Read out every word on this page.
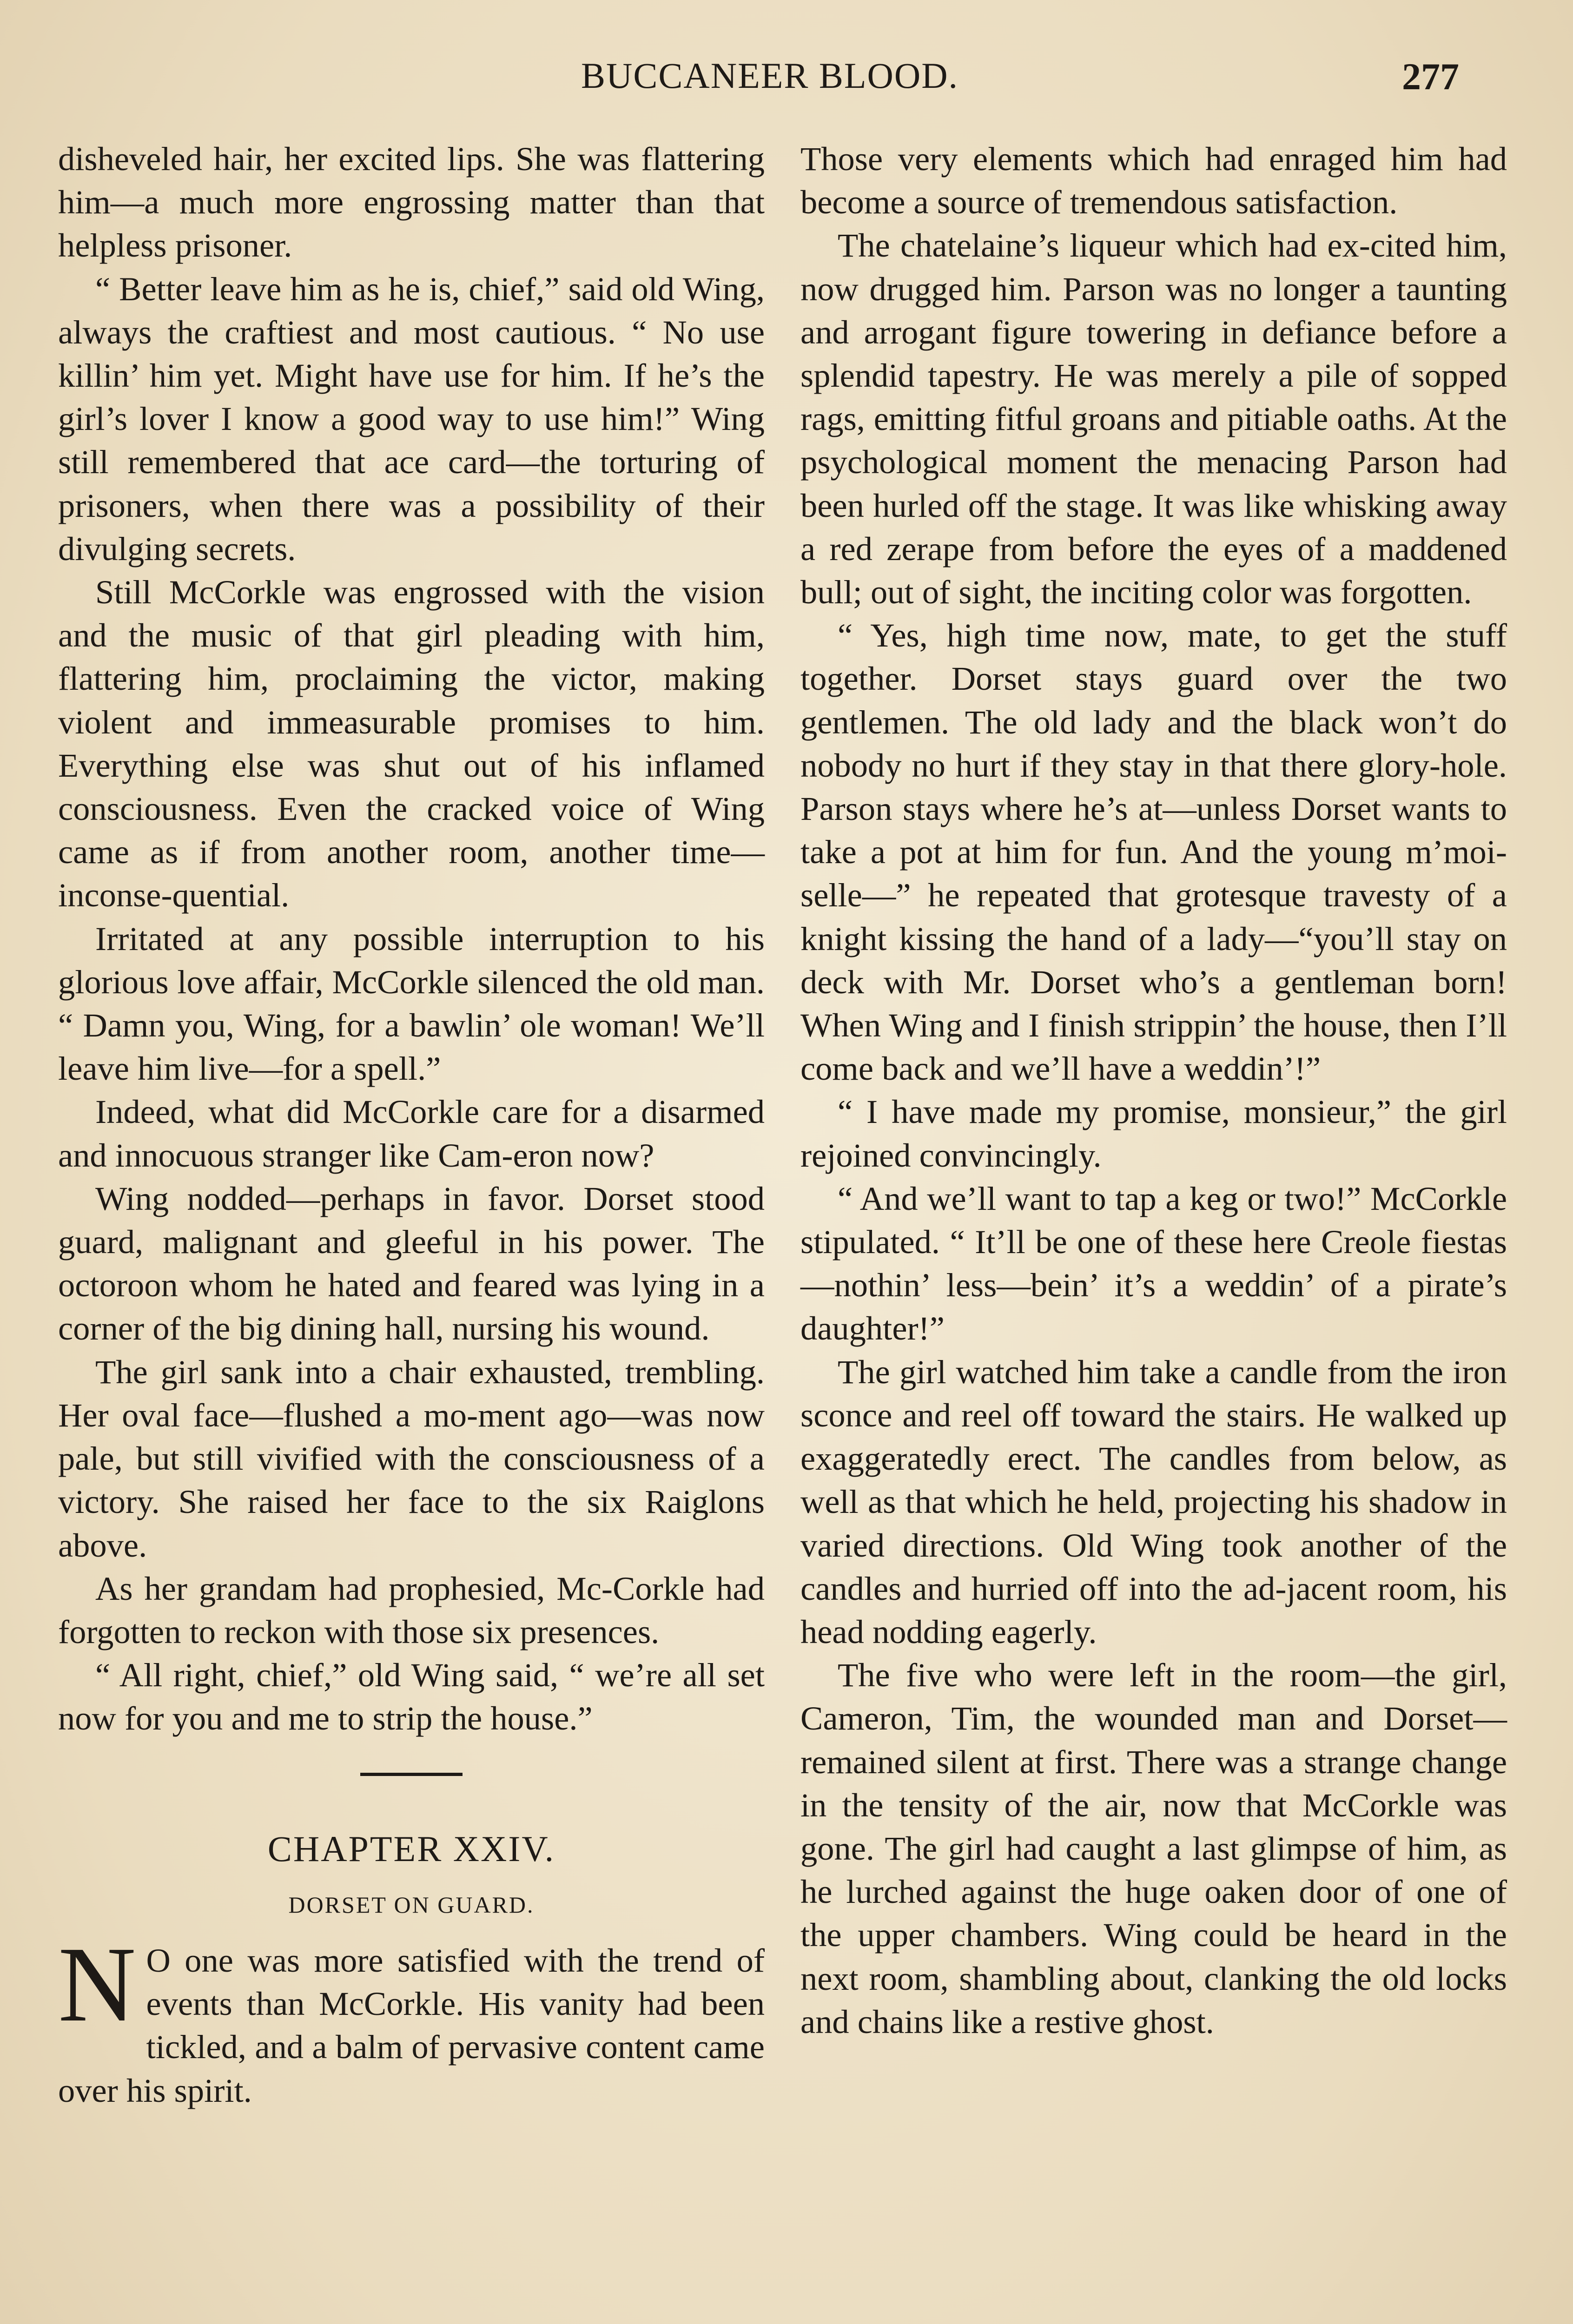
BUCCANEER BLOOD.	277

disheveled hair, her excited lips. She was flattering him—a much more engrossing matter than that helpless prisoner.

“ Better leave him as he is, chief,” said old Wing, always the craftiest and most cautious. “ No use killin’ him yet. Might have use for him. If he’s the girl’s lover I know a good way to use him!” Wing still remembered that ace card—the torturing of prisoners, when there was a possibility of their divulging secrets.

Still McCorkle was engrossed with the vision and the music of that girl pleading with him, flattering him, proclaiming the victor, making violent and immeasurable promises to him. Everything else was shut out of his inflamed consciousness. Even the cracked voice of Wing came as if from another room, another time—inconse-quential.

Irritated at any possible interruption to his glorious love affair, McCorkle silenced the old man. “ Damn you, Wing, for a bawlin’ ole woman! We’ll leave him live—for a spell.”

Indeed, what did McCorkle care for a disarmed and innocuous stranger like Cam-eron now?

Wing nodded—perhaps in favor. Dorset stood guard, malignant and gleeful in his power. The octoroon whom he hated and feared was lying in a corner of the big dining hall, nursing his wound.

The girl sank into a chair exhausted, trembling. Her oval face—flushed a mo-ment ago—was now pale, but still vivified with the consciousness of a victory. She raised her face to the six Raiglons above.

As her grandam had prophesied, Mc-Corkle had forgotten to reckon with those six presences.

“ All right, chief,” old Wing said, “ we’re all set now for you and me to strip the house.”

CHAPTER XXIV.
DORSET ON GUARD.

N O one was more satisfied with the trend of events than McCorkle. His vanity had been tickled, and a balm of pervasive content came over his spirit.

Those very elements which had enraged him had become a source of tremendous satisfaction.

The chatelaine’s liqueur which had ex-cited him, now drugged him. Parson was no longer a taunting and arrogant figure towering in defiance before a splendid tapestry. He was merely a pile of sopped rags, emitting fitful groans and pitiable oaths. At the psychological moment the menacing Parson had been hurled off the stage. It was like whisking away a red zerape from before the eyes of a maddened bull; out of sight, the inciting color was forgotten.

“ Yes, high time now, mate, to get the stuff together. Dorset stays guard over the two gentlemen. The old lady and the black won’t do nobody no hurt if they stay in that there glory-hole. Parson stays where he’s at—unless Dorset wants to take a pot at him for fun. And the young m’moi-selle—” he repeated that grotesque travesty of a knight kissing the hand of a lady—“you’ll stay on deck with Mr. Dorset who’s a gentleman born! When Wing and I finish strippin’ the house, then I’ll come back and we’ll have a weddin’!”

“ I have made my promise, monsieur,” the girl rejoined convincingly.

“ And we’ll want to tap a keg or two!” McCorkle stipulated. “ It’ll be one of these here Creole fiestas—nothin’ less—bein’ it’s a weddin’ of a pirate’s daughter!”

The girl watched him take a candle from the iron sconce and reel off toward the stairs. He walked up exaggeratedly erect. The candles from below, as well as that which he held, projecting his shadow in varied directions. Old Wing took another of the candles and hurried off into the ad-jacent room, his head nodding eagerly.

The five who were left in the room—the girl, Cameron, Tim, the wounded man and Dorset—remained silent at first. There was a strange change in the tensity of the air, now that McCorkle was gone. The girl had caught a last glimpse of him, as he lurched against the huge oaken door of one of the upper chambers. Wing could be heard in the next room, shambling about, clanking the old locks and chains like a restive ghost.
